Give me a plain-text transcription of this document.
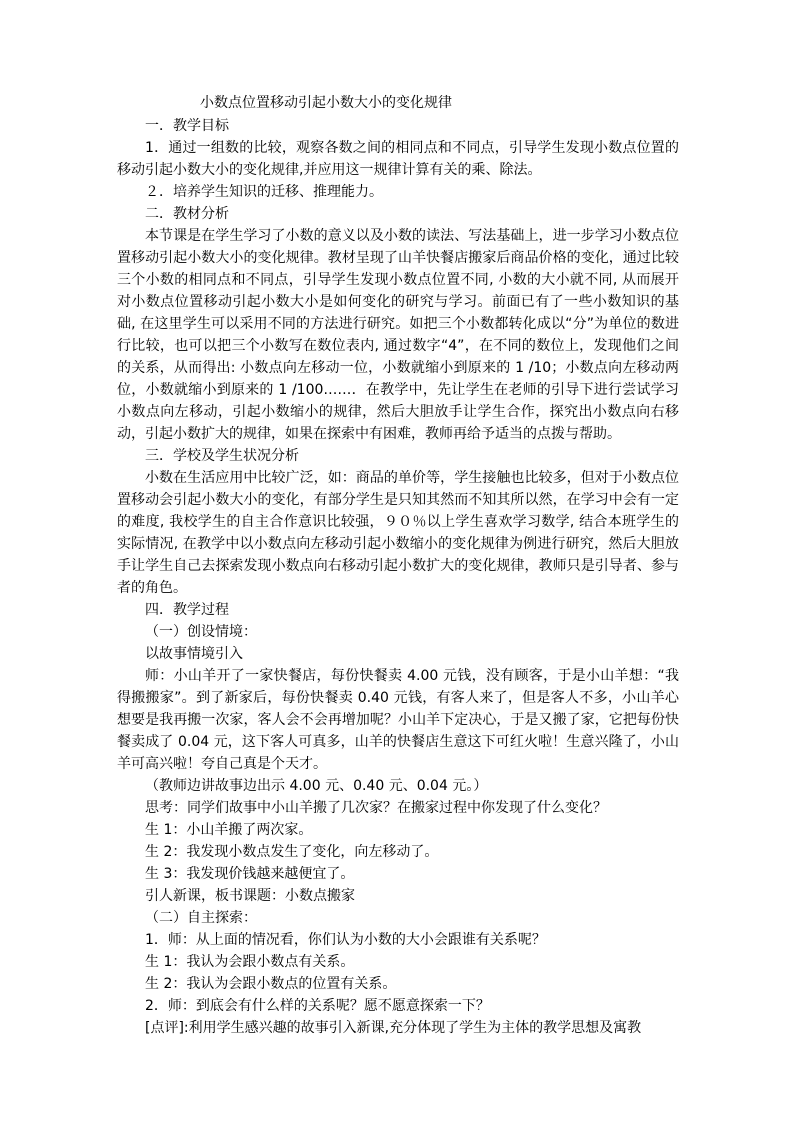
小数点位置移动引起小数大小的变化规律

一．教学目标

1．通过一组数的比较，观察各数之间的相同点和不同点，引导学生发现小数点位置的移动引起小数大小的变化规律,并应用这一规律计算有关的乘、除法。

２．培养学生知识的迁移、推理能力。

二．教材分析

本节课是在学生学习了小数的意义以及小数的读法、写法基础上，进一步学习小数点位置移动引起小数大小的变化规律。教材呈现了山羊快餐店搬家后商品价格的变化，通过比较三个小数的相同点和不同点，引导学生发现小数点位置不同, 小数的大小就不同, 从而展开对小数点位置移动引起小数大小是如何变化的研究与学习。前面已有了一些小数知识的基础, 在这里学生可以采用不同的方法进行研究。如把三个小数都转化成以“分”为单位的数进行比较，也可以把三个小数写在数位表内, 通过数字“4”，在不同的数位上，发现他们之间的关系，从而得出: 小数点向左移动一位，小数就缩小到原来的 1 /10；小数点向左移动两位，小数就缩小到原来的 1 /100……．在教学中，先让学生在老师的引导下进行尝试学习小数点向左移动，引起小数缩小的规律，然后大胆放手让学生合作，探究出小数点向右移动，引起小数扩大的规律，如果在探索中有困难，教师再给予适当的点拨与帮助。

三．学校及学生状况分析

小数在生活应用中比较广泛，如：商品的单价等，学生接触也比较多，但对于小数点位置移动会引起小数大小的变化，有部分学生是只知其然而不知其所以然，在学习中会有一定的难度, 我校学生的自主合作意识比较强，９０％以上学生喜欢学习数学, 结合本班学生的实际情况, 在教学中以小数点向左移动引起小数缩小的变化规律为例进行研究，然后大胆放手让学生自己去探索发现小数点向右移动引起小数扩大的变化规律，教师只是引导者、参与者的角色。

四．教学过程

（一）创设情境：

以故事情境引入

师：小山羊开了一家快餐店，每份快餐卖 4.00 元钱，没有顾客，于是小山羊想：“我得搬搬家”。到了新家后，每份快餐卖 0.40 元钱，有客人来了，但是客人不多，小山羊心想要是我再搬一次家，客人会不会再增加呢？小山羊下定决心，于是又搬了家，它把每份快餐卖成了 0.04 元，这下客人可真多，山羊的快餐店生意这下可红火啦！生意兴隆了，小山羊可高兴啦！夸自己真是个天才。

（教师边讲故事边出示 4.00 元、0.40 元、0.04 元。）

思考：同学们故事中小山羊搬了几次家？在搬家过程中你发现了什么变化？

生 1：小山羊搬了两次家。

生 2：我发现小数点发生了变化，向左移动了。

生 3：我发现价钱越来越便宜了。

引人新课，板书课题：小数点搬家

（二）自主探索：

1．师：从上面的情况看，你们认为小数的大小会跟谁有关系呢？

生 1：我认为会跟小数点有关系。

生 2：我认为会跟小数点的位置有关系。

2．师：到底会有什么样的关系呢？愿不愿意探索一下？

[点评]:利用学生感兴趣的故事引入新课,充分体现了学生为主体的教学思想及寓教
